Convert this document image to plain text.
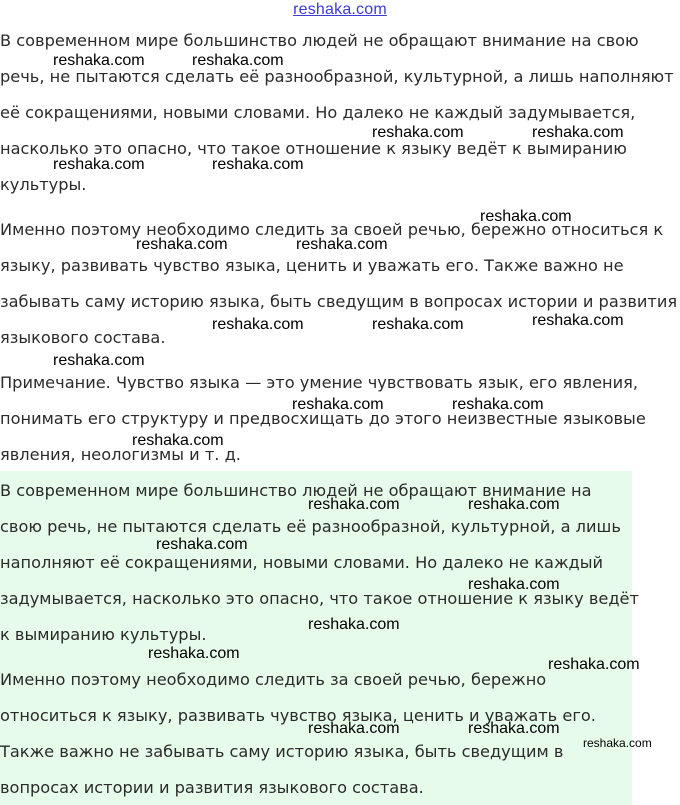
reshaka.com
В современном мире большинство людей не обращают внимание на свою
речь, не пытаются сделать её разнообразной, культурной, а лишь наполняют
её сокращениями, новыми словами. Но далеко не каждый задумывается,
насколько это опасно, что такое отношение к языку ведёт к вымиранию
культуры.
Именно поэтому необходимо следить за своей речью, бережно относиться к
языку, развивать чувство языка, ценить и уважать его. Также важно не
забывать саму историю языка, быть сведущим в вопросах истории и развития
языкового состава.
Примечание. Чувство языка — это умение чувствовать язык, его явления,
понимать его структуру и предвосхищать до этого неизвестные языковые
явления, неологизмы и т. д.
В современном мире большинство людей не обращают внимание на
свою речь, не пытаются сделать её разнообразной, культурной, а лишь
наполняют её сокращениями, новыми словами. Но далеко не каждый
задумывается, насколько это опасно, что такое отношение к языку ведёт
к вымиранию культуры.
Именно поэтому необходимо следить за своей речью, бережно
относиться к языку, развивать чувство языка, ценить и уважать его.
Также важно не забывать саму историю языка, быть сведущим в
вопросах истории и развития языкового состава.
reshaka.com	reshaka.com
reshaka.com	reshaka.com
reshaka.com	reshaka.com
reshaka.com
reshaka.com	reshaka.com
reshaka.com	reshaka.com	reshaka.com
reshaka.com
reshaka.com	reshaka.com
reshaka.com
reshaka.com	reshaka.com
reshaka.com
reshaka.com
reshaka.com
reshaka.com
reshaka.com
reshaka.com	reshaka.com
reshaka.com
